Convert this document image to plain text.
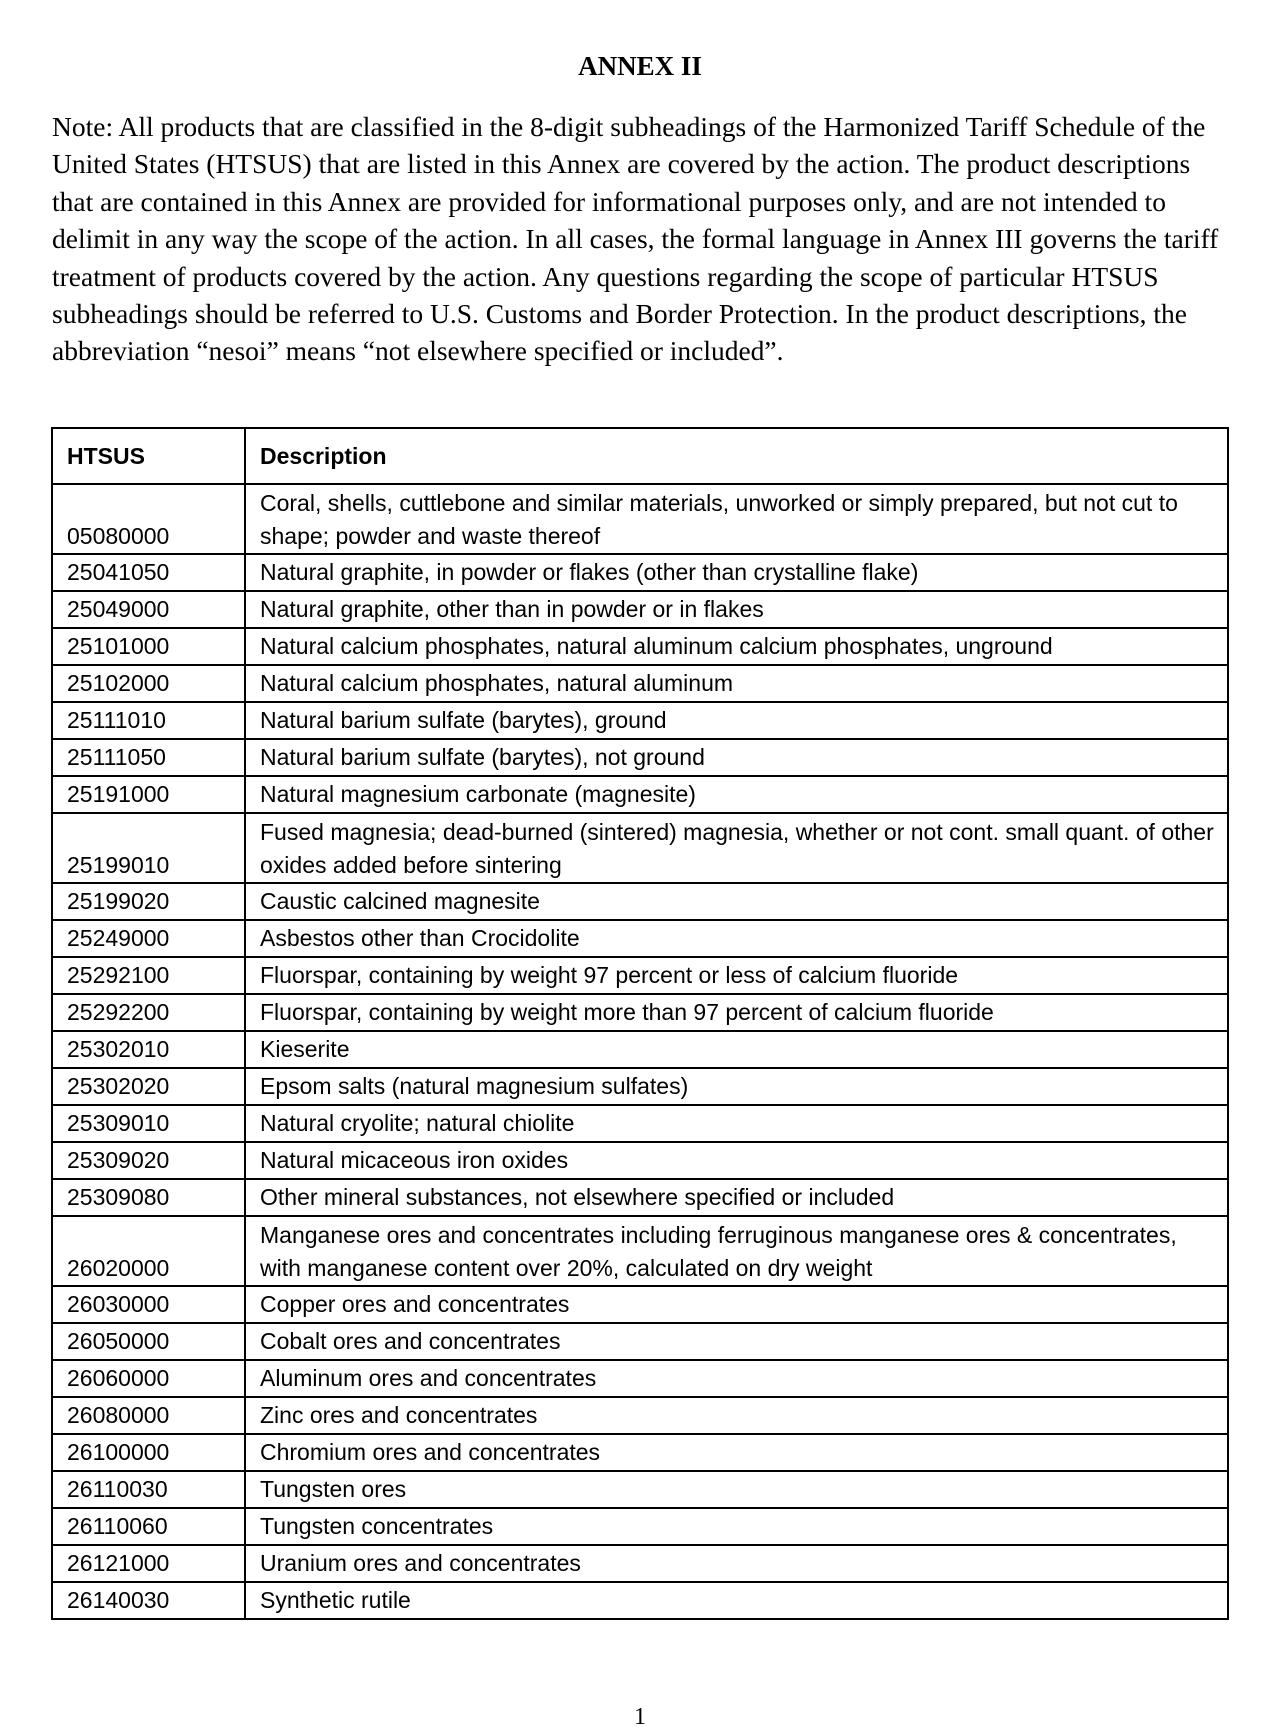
ANNEX II

Note: All products that are classified in the 8-digit subheadings of the Harmonized Tariff Schedule of the United States (HTSUS) that are listed in this Annex are covered by the action. The product descriptions that are contained in this Annex are provided for informational purposes only, and are not intended to delimit in any way the scope of the action. In all cases, the formal language in Annex III governs the tariff treatment of products covered by the action. Any questions regarding the scope of particular HTSUS subheadings should be referred to U.S. Customs and Border Protection. In the product descriptions, the abbreviation “nesoi” means “not elsewhere specified or included”.

HTSUS	Description
05080000	Coral, shells, cuttlebone and similar materials, unworked or simply prepared, but not cut to shape; powder and waste thereof
25041050	Natural graphite, in powder or flakes (other than crystalline flake)
25049000	Natural graphite, other than in powder or in flakes
25101000	Natural calcium phosphates, natural aluminum calcium phosphates, unground
25102000	Natural calcium phosphates, natural aluminum
25111010	Natural barium sulfate (barytes), ground
25111050	Natural barium sulfate (barytes), not ground
25191000	Natural magnesium carbonate (magnesite)
25199010	Fused magnesia; dead-burned (sintered) magnesia, whether or not cont. small quant. of other oxides added before sintering
25199020	Caustic calcined magnesite
25249000	Asbestos other than Crocidolite
25292100	Fluorspar, containing by weight 97 percent or less of calcium fluoride
25292200	Fluorspar, containing by weight more than 97 percent of calcium fluoride
25302010	Kieserite
25302020	Epsom salts (natural magnesium sulfates)
25309010	Natural cryolite; natural chiolite
25309020	Natural micaceous iron oxides
25309080	Other mineral substances, not elsewhere specified or included
26020000	Manganese ores and concentrates including ferruginous manganese ores & concentrates, with manganese content over 20%, calculated on dry weight
26030000	Copper ores and concentrates
26050000	Cobalt ores and concentrates
26060000	Aluminum ores and concentrates
26080000	Zinc ores and concentrates
26100000	Chromium ores and concentrates
26110030	Tungsten ores
26110060	Tungsten concentrates
26121000	Uranium ores and concentrates
26140030	Synthetic rutile
1
